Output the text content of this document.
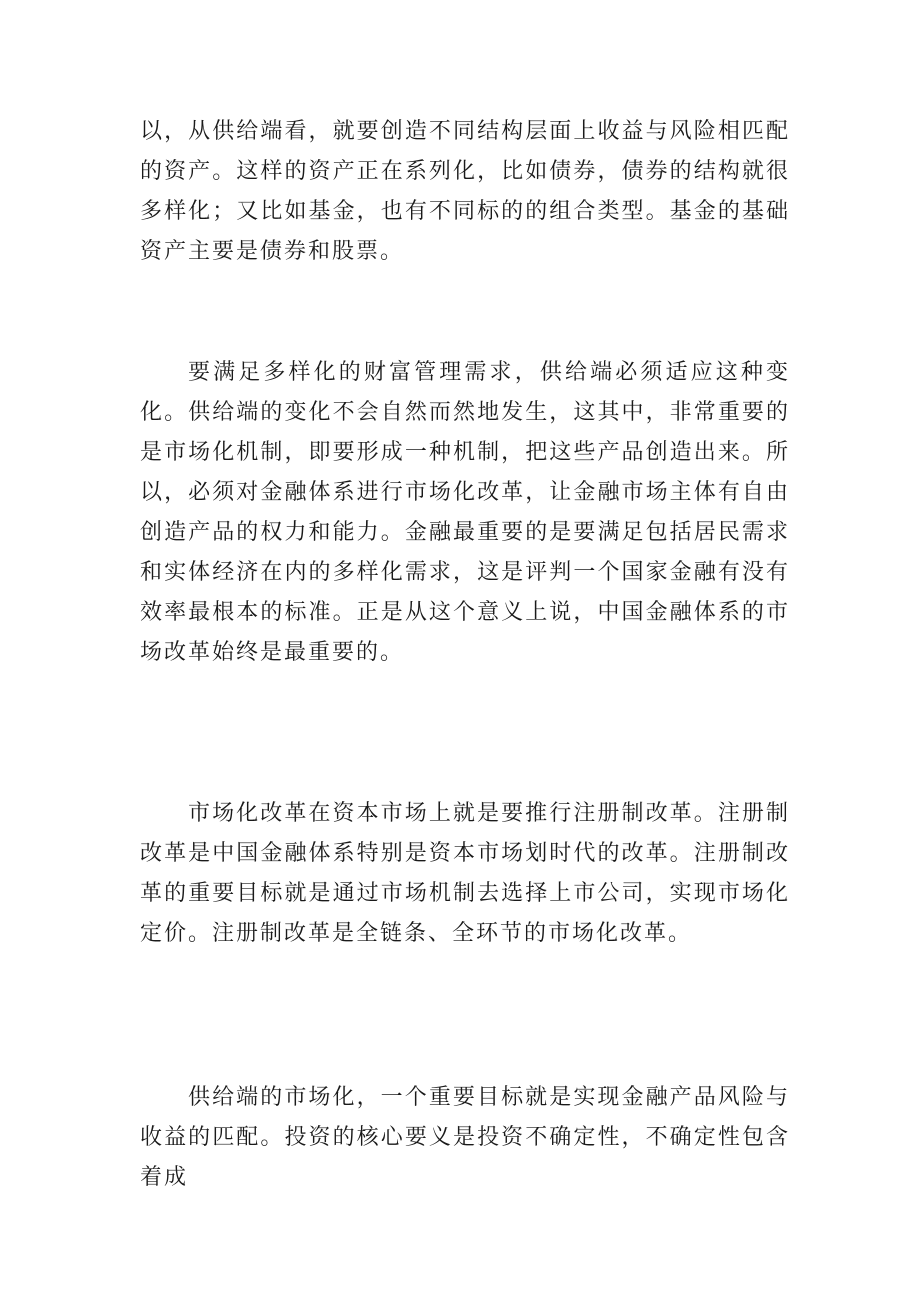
以，从供给端看，就要创造不同结构层面上收益与风险相匹配的资产。这样的资产正在系列化，比如债券，债券的结构就很多样化；又比如基金，也有不同标的的组合类型。基金的基础资产主要是债券和股票。

要满足多样化的财富管理需求，供给端必须适应这种变化。供给端的变化不会自然而然地发生，这其中，非常重要的是市场化机制，即要形成一种机制，把这些产品创造出来。所以，必须对金融体系进行市场化改革，让金融市场主体有自由创造产品的权力和能力。金融最重要的是要满足包括居民需求和实体经济在内的多样化需求，这是评判一个国家金融有没有效率最根本的标准。正是从这个意义上说，中国金融体系的市场改革始终是最重要的。

市场化改革在资本市场上就是要推行注册制改革。注册制改革是中国金融体系特别是资本市场划时代的改革。注册制改革的重要目标就是通过市场机制去选择上市公司，实现市场化定价。注册制改革是全链条、全环节的市场化改革。

供给端的市场化，一个重要目标就是实现金融产品风险与收益的匹配。投资的核心要义是投资不确定性，不确定性包含着成
